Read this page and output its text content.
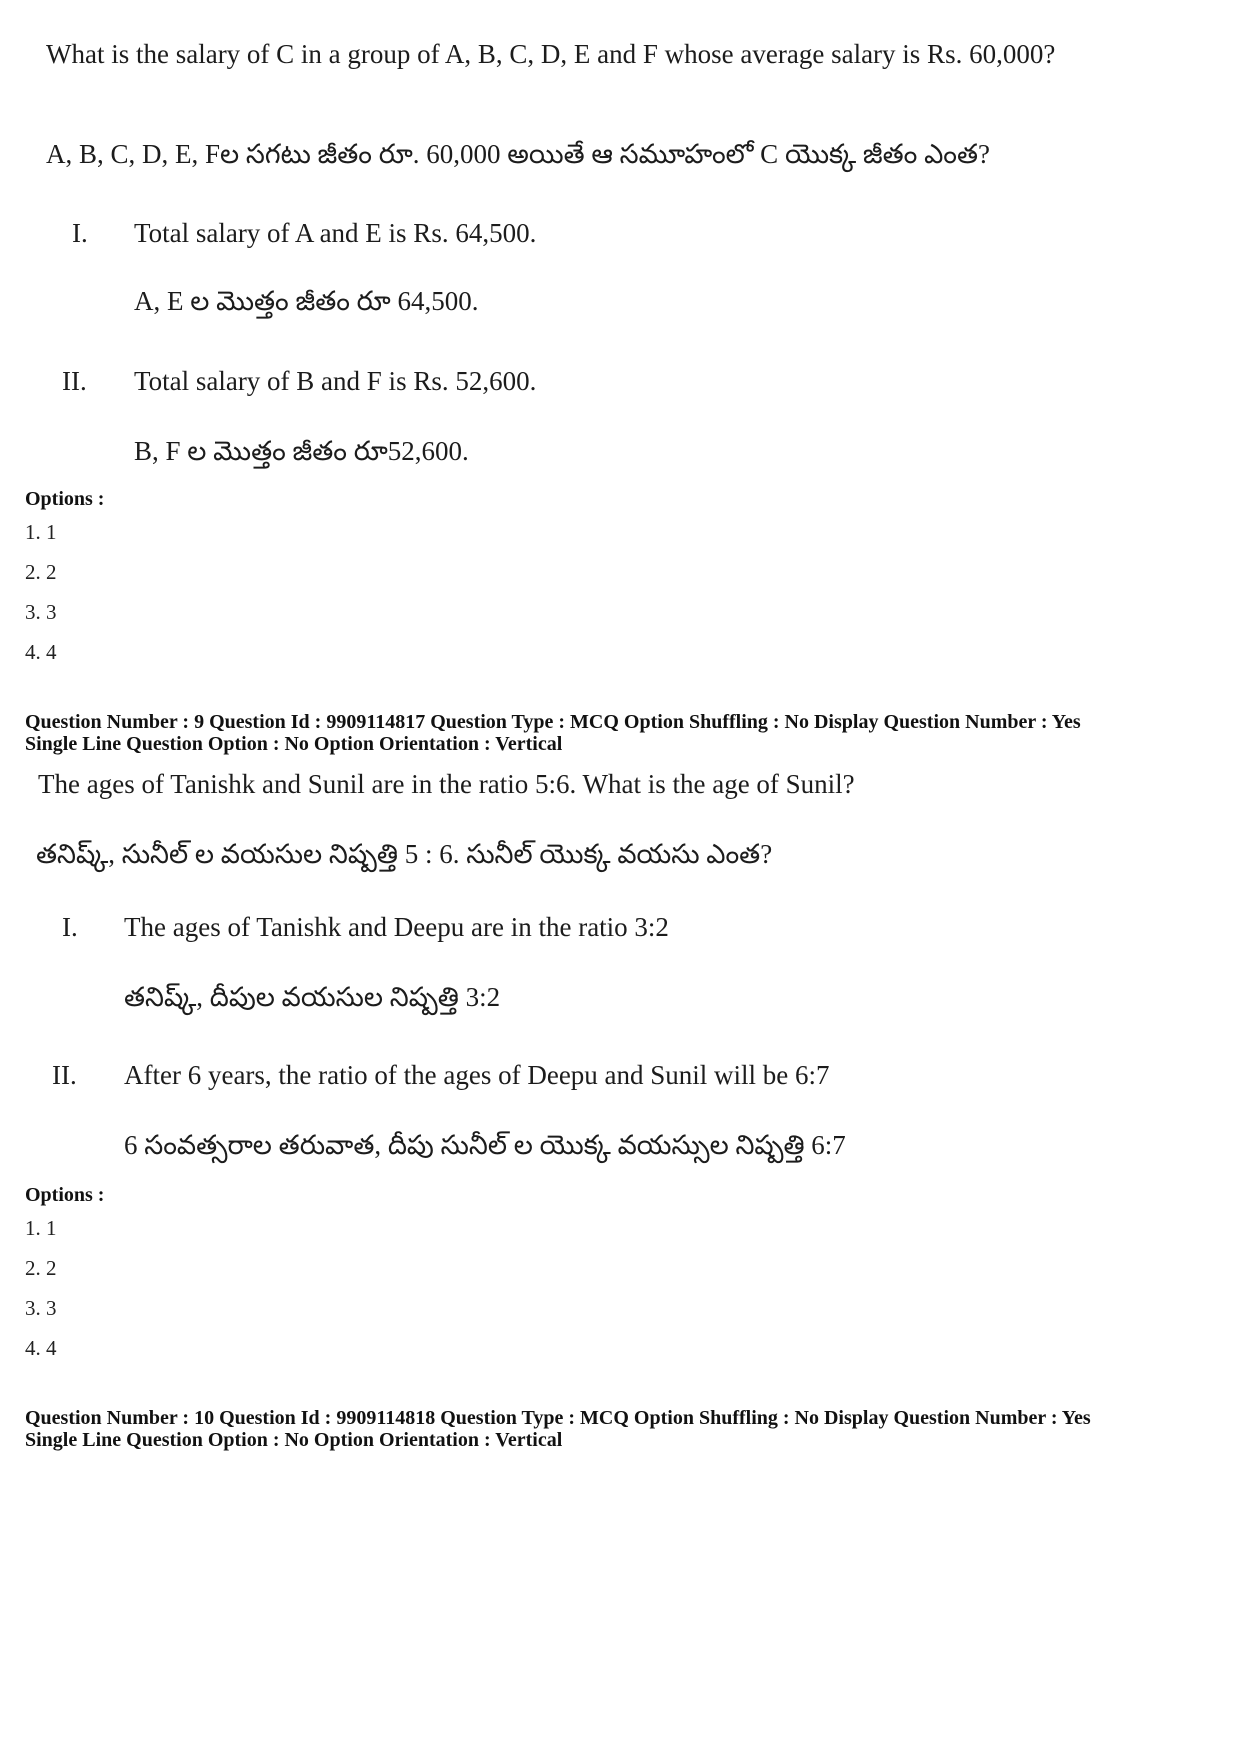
What is the salary of C in a group of A, B, C, D, E and F whose average salary is Rs. 60,000?
A, B, C, D, E, Fల సగటు జీతం రూ. 60,000 అయితే ఆ సమూహంలో C యొక్క జీతం ఎంత?
I. Total salary of A and E is Rs. 64,500.
A, E ల మొత్తం జీతం రూ 64,500.
II. Total salary of B and F is Rs. 52,600.
B, F ల మొత్తం జీతం రూ52,600.
Options :
1. 1
2. 2
3. 3
4. 4
Question Number : 9 Question Id : 9909114817 Question Type : MCQ Option Shuffling : No Display Question Number : Yes
Single Line Question Option : No Option Orientation : Vertical
The ages of Tanishk and Sunil are in the ratio 5:6. What is the age of Sunil?
తనిష్క్, సునీల్ ల వయసుల నిష్పత్తి 5 : 6. సునీల్ యొక్క వయసు ఎంత?
I. The ages of Tanishk and Deepu are in the ratio 3:2
తనిష్క్, దీపుల వయసుల నిష్పత్తి 3:2
II. After 6 years, the ratio of the ages of Deepu and Sunil will be 6:7
6 సంవత్సరాల తరువాత, దీపు సునీల్ ల యొక్క వయస్సుల నిష్పత్తి 6:7
Options :
1. 1
2. 2
3. 3
4. 4
Question Number : 10 Question Id : 9909114818 Question Type : MCQ Option Shuffling : No Display Question Number : Yes
Single Line Question Option : No Option Orientation : Vertical
